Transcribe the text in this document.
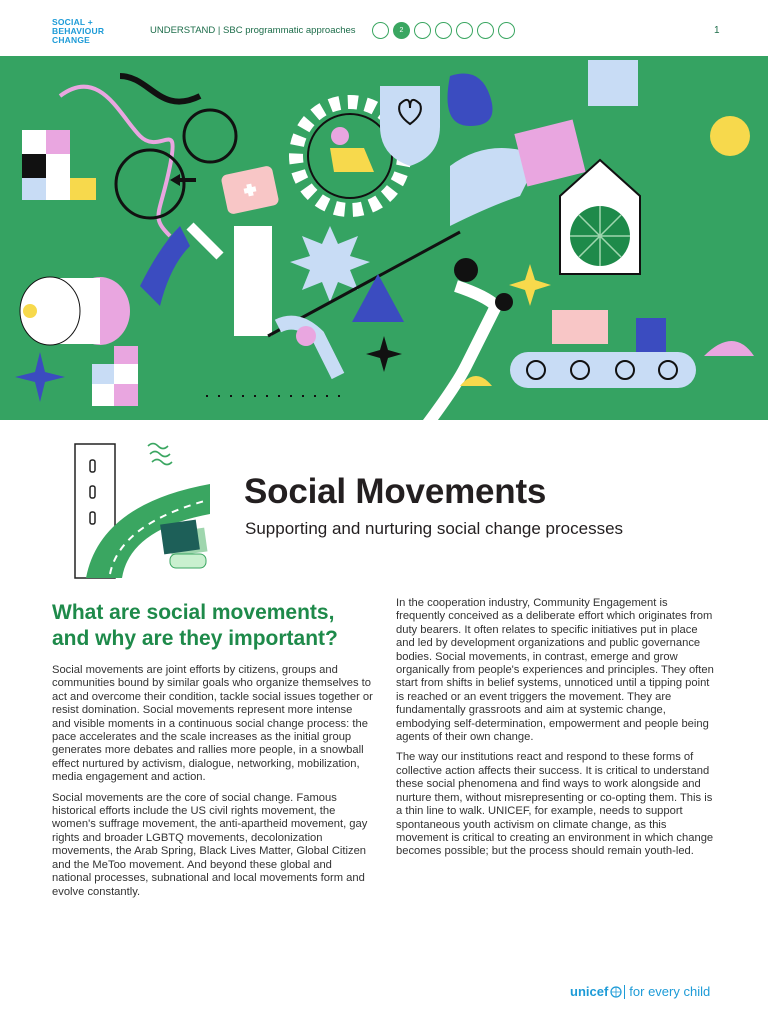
SOCIAL +
BEHAVIOUR
CHANGE
UNDERSTAND | SBC programmatic approaches	2	1
Social Movements

Supporting and nurturing social change processes

What are social movements, and why are they important?

Social movements are joint efforts by citizens, groups and communities bound by similar goals who organize themselves to act and overcome their condition, tackle social issues together or resist domination. Social movements represent more intense and visible moments in a continuous social change process: the pace accelerates and the scale increases as the initial group generates more debates and rallies more people, in a snowball effect nurtured by activism, dialogue, networking, mobilization, media engagement and action.

Social movements are the core of social change. Famous historical efforts include the US civil rights movement, the women's suffrage movement, the anti-apartheid movement, gay rights and broader LGBTQ movements, decolonization movements, the Arab Spring, Black Lives Matter, Global Citizen and the MeToo movement. And beyond these global and national processes, subnational and local movements form and evolve constantly.

In the cooperation industry, Community Engagement is frequently conceived as a deliberate effort which originates from duty bearers. It often relates to specific initiatives put in place and led by development organizations and public governance bodies. Social movements, in contrast, emerge and grow organically from people's experiences and principles. They often start from shifts in belief systems, unnoticed until a tipping point is reached or an event triggers the movement. They are fundamentally grassroots and aim at systemic change, embodying self-determination, empowerment and people being agents of their own change.

The way our institutions react and respond to these forms of collective action affects their success. It is critical to understand these social phenomena and find ways to work alongside and nurture them, without misrepresenting or co-opting them. This is a thin line to walk. UNICEF, for example, needs to support spontaneous youth activism on climate change, as this movement is critical to creating an environment in which change becomes possible; but the process should remain youth-led.

unicef for every child
